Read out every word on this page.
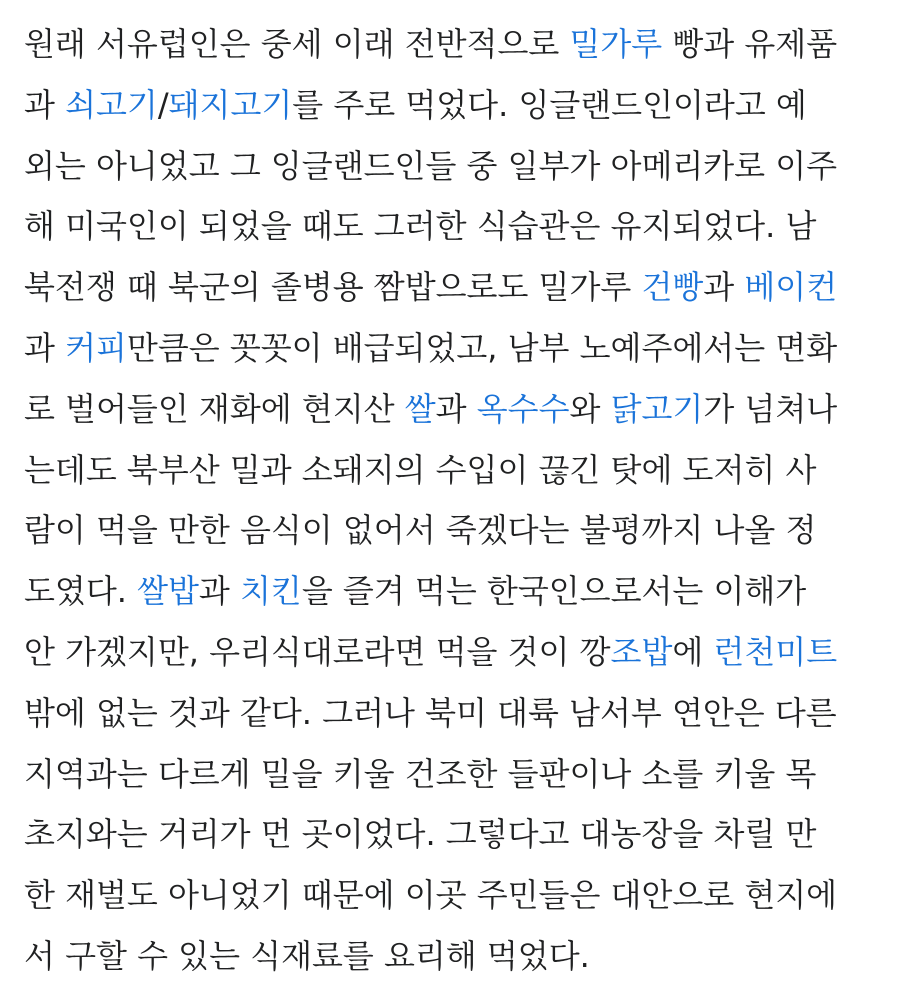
원래 서유럽인은 중세 이래 전반적으로 밀가루 빵과 유제품
과 쇠고기/돼지고기를 주로 먹었다. 잉글랜드인이라고 예
외는 아니었고 그 잉글랜드인들 중 일부가 아메리카로 이주
해 미국인이 되었을 때도 그러한 식습관은 유지되었다. 남
북전쟁 때 북군의 졸병용 짬밥으로도 밀가루 건빵과 베이컨
과 커피만큼은 꼿꼿이 배급되었고, 남부 노예주에서는 면화
로 벌어들인 재화에 현지산 쌀과 옥수수와 닭고기가 넘쳐나
는데도 북부산 밀과 소돼지의 수입이 끊긴 탓에 도저히 사
람이 먹을 만한 음식이 없어서 죽겠다는 불평까지 나올 정
도였다. 쌀밥과 치킨을 즐겨 먹는 한국인으로서는 이해가
안 가겠지만, 우리식대로라면 먹을 것이 깡조밥에 런천미트
밖에 없는 것과 같다. 그러나 북미 대륙 남서부 연안은 다른
지역과는 다르게 밀을 키울 건조한 들판이나 소를 키울 목
초지와는 거리가 먼 곳이었다. 그렇다고 대농장을 차릴 만
한 재벌도 아니었기 때문에 이곳 주민들은 대안으로 현지에
서 구할 수 있는 식재료를 요리해 먹었다.
